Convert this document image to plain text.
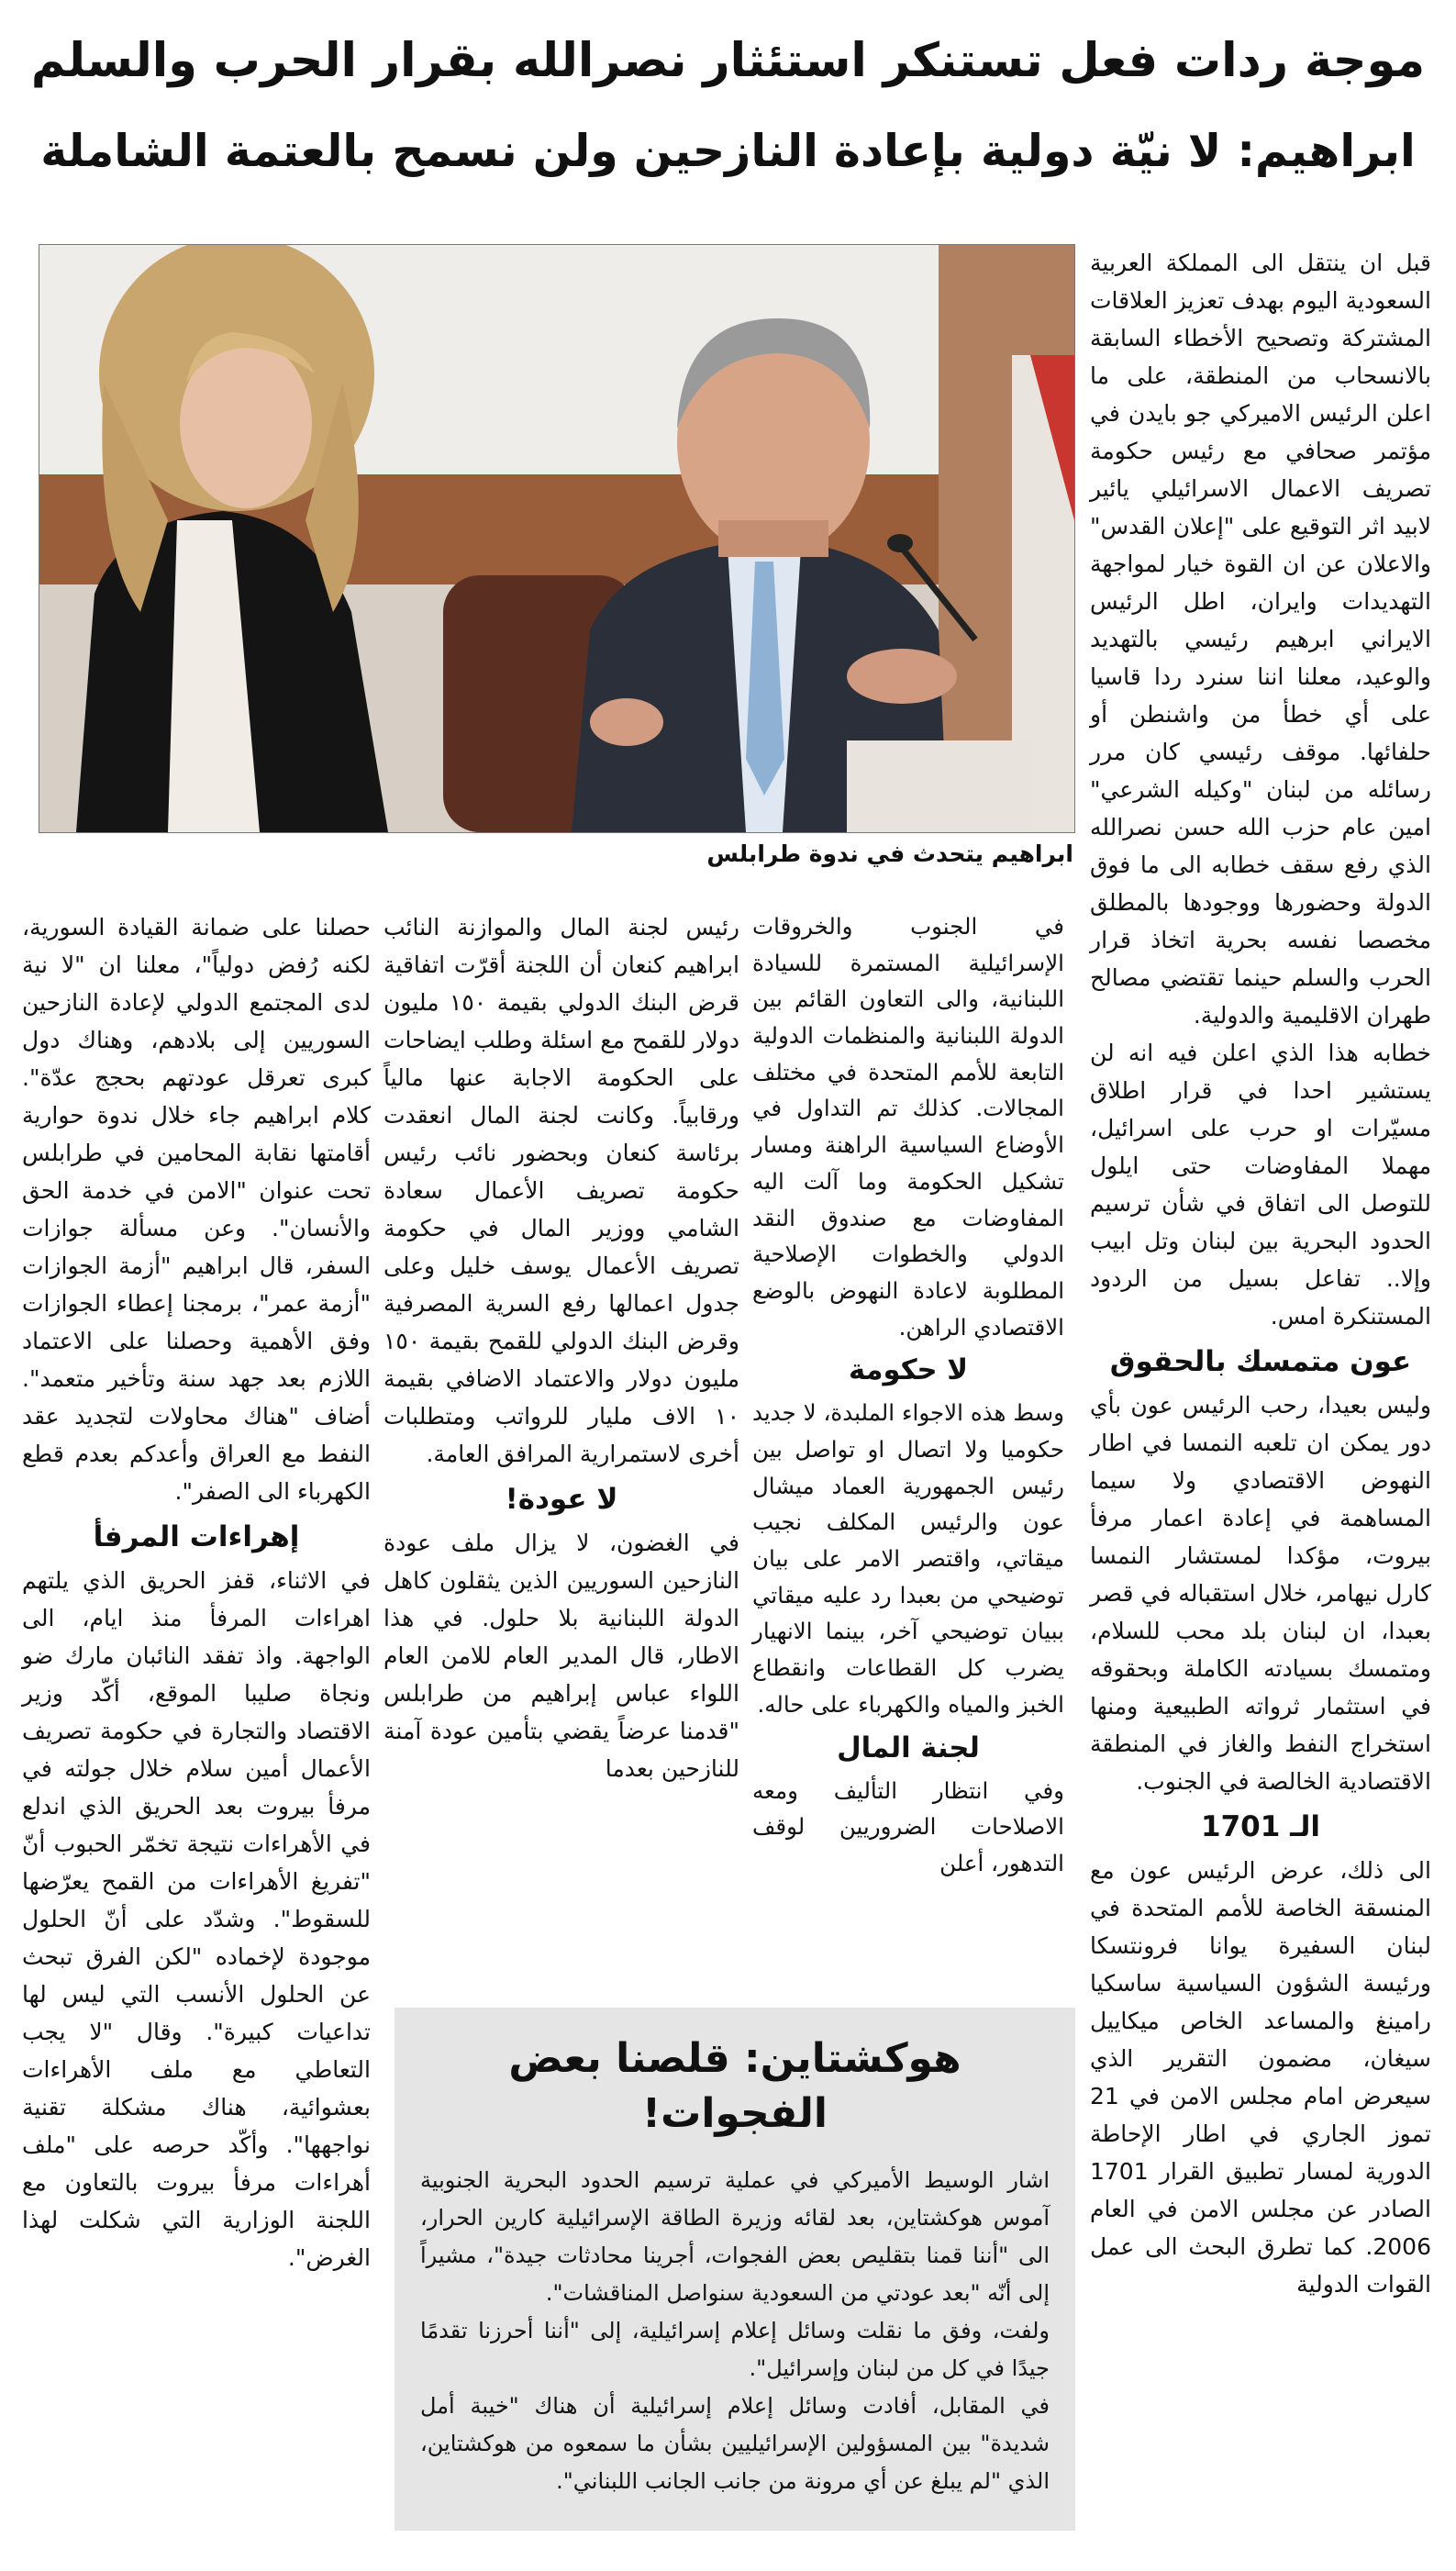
موجة ردات فعل تستنكر استئثار نصرالله بقرار الحرب والسلم
ابراهيم: لا نيّة دولية بإعادة النازحين ولن نسمح بالعتمة الشاملة
ابراهيم يتحدث في ندوة طرابلس

قبل ان ينتقل الى المملكة العربية السعودية اليوم بهدف تعزيز العلاقات المشتركة وتصحيح الأخطاء السابقة بالانسحاب من المنطقة، على ما اعلن الرئيس الاميركي جو بايدن في مؤتمر صحافي مع رئيس حكومة تصريف الاعمال الاسرائيلي يائير لابيد اثر التوقيع على "إعلان القدس" والاعلان عن ان القوة خيار لمواجهة التهديدات وايران، اطل الرئيس الايراني ابرهيم رئيسي بالتهديد والوعيد، معلنا اننا سنرد ردا قاسيا على أي خطأ من واشنطن أو حلفائها. موقف رئيسي كان مرر رسائله من لبنان "وكيله الشرعي" امين عام حزب الله حسن نصرالله الذي رفع سقف خطابه الى ما فوق الدولة وحضورها ووجودها بالمطلق مخصصا نفسه بحرية اتخاذ قرار الحرب والسلم حينما تقتضي مصالح طهران الاقليمية والدولية.

خطابه هذا الذي اعلن فيه انه لن يستشير احدا في قرار اطلاق مسيّرات او حرب على اسرائيل، مهملا المفاوضات حتى ايلول للتوصل الى اتفاق في شأن ترسيم الحدود البحرية بين لبنان وتل ابيب وإلا.. تفاعل بسيل من الردود المستنكرة امس.

عون متمسك بالحقوق

وليس بعيدا، رحب الرئيس عون بأي دور يمكن ان تلعبه النمسا في اطار النهوض الاقتصادي ولا سيما المساهمة في إعادة اعمار مرفأ بيروت، مؤكدا لمستشار النمسا كارل نيهامر، خلال استقباله في قصر بعبدا، ان لبنان بلد محب للسلام، ومتمسك بسيادته الكاملة وبحقوقه في استثمار ثرواته الطبيعية ومنها استخراج النفط والغاز في المنطقة الاقتصادية الخالصة في الجنوب.

الـ 1701

الى ذلك، عرض الرئيس عون مع المنسقة الخاصة للأمم المتحدة في لبنان السفيرة يوانا فرونتسكا ورئيسة الشؤون السياسية ساسكيا رامينغ والمساعد الخاص ميكاييل سيغان، مضمون التقرير الذي سيعرض امام مجلس الامن في 21 تموز الجاري في اطار الإحاطة الدورية لمسار تطبيق القرار 1701 الصادر عن مجلس الامن في العام 2006. كما تطرق البحث الى عمل القوات الدولية

في الجنوب والخروقات الإسرائيلية المستمرة للسيادة اللبنانية، والى التعاون القائم بين الدولة اللبنانية والمنظمات الدولية التابعة للأمم المتحدة في مختلف المجالات. كذلك تم التداول في الأوضاع السياسية الراهنة ومسار تشكيل الحكومة وما آلت اليه المفاوضات مع صندوق النقد الدولي والخطوات الإصلاحية المطلوبة لاعادة النهوض بالوضع الاقتصادي الراهن.

لا حكومة

وسط هذه الاجواء الملبدة، لا جديد حكوميا ولا اتصال او تواصل بين رئيس الجمهورية العماد ميشال عون والرئيس المكلف نجيب ميقاتي، واقتصر الامر على بيان توضيحي من بعبدا رد عليه ميقاتي ببيان توضيحي آخر، بينما الانهيار يضرب كل القطاعات وانقطاع الخبز والمياه والكهرباء على حاله.

لجنة المال

وفي انتظار التأليف ومعه الاصلاحات الضروريين لوقف التدهور، أعلن

رئيس لجنة المال والموازنة النائب ابراهيم كنعان أن اللجنة أقرّت اتفاقية قرض البنك الدولي بقيمة ١٥٠ مليون دولار للقمح مع اسئلة وطلب ايضاحات على الحكومة الاجابة عنها مالياً ورقابياً. وكانت لجنة المال انعقدت برئاسة كنعان وبحضور نائب رئيس حكومة تصريف الأعمال سعادة الشامي ووزير المال في حكومة تصريف الأعمال يوسف خليل وعلى جدول اعمالها رفع السرية المصرفية وقرض البنك الدولي للقمح بقيمة ١٥٠ مليون دولار والاعتماد الاضافي بقيمة ١٠ الاف مليار للرواتب ومتطلبات أخرى لاستمرارية المرافق العامة.

لا عودة!

في الغضون، لا يزال ملف عودة النازحين السوريين الذين يثقلون كاهل الدولة اللبنانية بلا حلول. في هذا الاطار، قال المدير العام للامن العام اللواء عباس إبراهيم من طرابلس "قدمنا عرضاً يقضي بتأمين عودة آمنة للنازحين بعدما

حصلنا على ضمانة القيادة السورية، لكنه رُفض دولياً"، معلنا ان "لا نية لدى المجتمع الدولي لإعادة النازحين السوريين إلى بلادهم، وهناك دول كبرى تعرقل عودتهم بحجج عدّة". كلام ابراهيم جاء خلال ندوة حوارية أقامتها نقابة المحامين في طرابلس تحت عنوان "الامن في خدمة الحق والأنسان". وعن مسألة جوازات السفر، قال ابراهيم "أزمة الجوازات "أزمة عمر"، برمجنا إعطاء الجوازات وفق الأهمية وحصلنا على الاعتماد اللازم بعد جهد سنة وتأخير متعمد". أضاف "هناك محاولات لتجديد عقد النفط مع العراق وأعدكم بعدم قطع الكهرباء الى الصفر".

إهراءات المرفأ

في الاثناء، قفز الحريق الذي يلتهم اهراءات المرفأ منذ ايام، الى الواجهة. واذ تفقد النائبان مارك ضو ونجاة صليبا الموقع، أكّد وزير الاقتصاد والتجارة في حكومة تصريف الأعمال أمين سلام خلال جولته في مرفأ بيروت بعد الحريق الذي اندلع في الأهراءات نتيجة تخمّر الحبوب أنّ "تفريغ الأهراءات من القمح يعرّضها للسقوط". وشدّد على أنّ الحلول موجودة لإخماده "لكن الفرق تبحث عن الحلول الأنسب التي ليس لها تداعيات كبيرة". وقال "لا يجب التعاطي مع ملف الأهراءات بعشوائية، هناك مشكلة تقنية نواجهها". وأكّد حرصه على "ملف أهراءات مرفأ بيروت بالتعاون مع اللجنة الوزارية التي شكلت لهذا الغرض".

هوكشتاين: قلصنا بعض الفجوات!

اشار الوسيط الأميركي في عملية ترسيم الحدود البحرية الجنوبية آموس هوكشتاين، بعد لقائه وزيرة الطاقة الإسرائيلية كارين الحرار، الى "أننا قمنا بتقليص بعض الفجوات، أجرينا محادثات جيدة"، مشيراً إلى أنّه "بعد عودتي من السعودية سنواصل المناقشات".

ولفت، وفق ما نقلت وسائل إعلام إسرائيلية، إلى "أننا أحرزنا تقدمًا جيدًا في كل من لبنان وإسرائيل".

في المقابل، أفادت وسائل إعلام إسرائيلية أن هناك "خيبة أمل شديدة" بين المسؤولين الإسرائيليين بشأن ما سمعوه من هوكشتاين، الذي "لم يبلغ عن أي مرونة من جانب الجانب اللبناني".
